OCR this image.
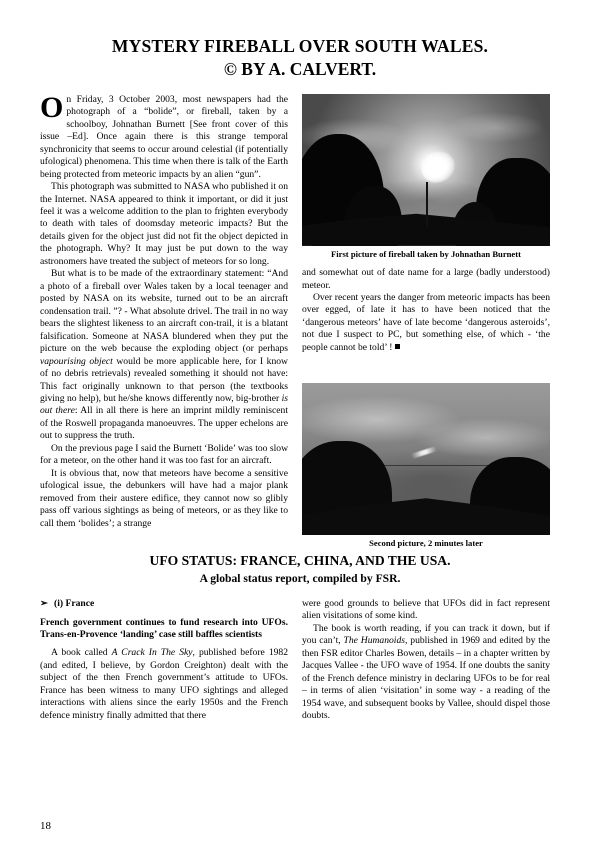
MYSTERY FIREBALL OVER SOUTH WALES.
© BY A. CALVERT.

On Friday, 3 October 2003, most newspapers had the photograph of a “bolide”, or fireball, taken by a schoolboy, Johnathan Burnett [See front cover of this issue –Ed]. Once again there is this strange temporal synchronicity that seems to occur around celestial (if potentially ufological) phenomena. This time when there is talk of the Earth being protected from meteoric impacts by an alien “gun”.

This photograph was submitted to NASA who published it on the Internet. NASA appeared to think it important, or did it just feel it was a welcome addition to the plan to frighten everybody to death with tales of doomsday meteoric impacts? But the details given for the object just did not fit the object depicted in the photograph. Why? It may just be put down to the way astronomers have treated the subject of meteors for so long.

But what is to be made of the extraordinary statement: “And a photo of a fireball over Wales taken by a local teenager and posted by NASA on its website, turned out to be an aircraft condensation trail. ”? - What absolute drivel. The trail in no way bears the slightest likeness to an aircraft con-trail, it is a blatant falsification. Someone at NASA blundered when they put the picture on the web because the exploding object (or perhaps vapourising object would be more applicable here, for I know of no debris retrievals) revealed something it should not have: This fact originally unknown to that person (the textbooks giving no help), but he/she knows differently now, big-brother is out there: All in all there is here an imprint mildly reminiscent of the Roswell propaganda manoeuvres. The upper echelons are out to suppress the truth.

On the previous page I said the Burnett ‘Bolide’ was too slow for a meteor, on the other hand it was too fast for an aircraft.

It is obvious that, now that meteors have become a sensitive ufological issue, the debunkers will have had a major plank removed from their austere edifice, they cannot now so glibly pass off various sightings as being of meteors, or as they like to call them ‘bolides’; a strange

First picture of fireball taken by Johnathan Burnett

and somewhat out of date name for a large (badly understood) meteor.

Over recent years the danger from meteoric impacts has been over egged, of late it has to have been noticed that the ‘dangerous meteors’ have of late become ‘dangerous asteroids’, not due I suspect to PC, but something else, of which - ‘the people cannot be told’ !

Second picture, 2 minutes later
UFO STATUS: FRANCE, CHINA, AND THE USA.
A global status report, compiled by FSR.
➢ (i) France

French government continues to fund research into UFOs. Trans-en-Provence ‘landing’ case still baffles scientists

A book called A Crack In The Sky, published before 1982 (and edited, I believe, by Gordon Creighton) dealt with the subject of the then French government’s attitude to UFOs. France has been witness to many UFO sightings and alleged interactions with aliens since the early 1950s and the French defence ministry finally admitted that there

were good grounds to believe that UFOs did in fact represent alien visitations of some kind.

The book is worth reading, if you can track it down, but if you can’t, The Humanoids, published in 1969 and edited by the then FSR editor Charles Bowen, details – in a chapter written by Jacques Vallee - the UFO wave of 1954. If one doubts the sanity of the French defence ministry in declaring UFOs to be for real – in terms of alien ‘visitation’ in some way - a reading of the 1954 wave, and subsequent books by Vallee, should dispel those doubts.

18
